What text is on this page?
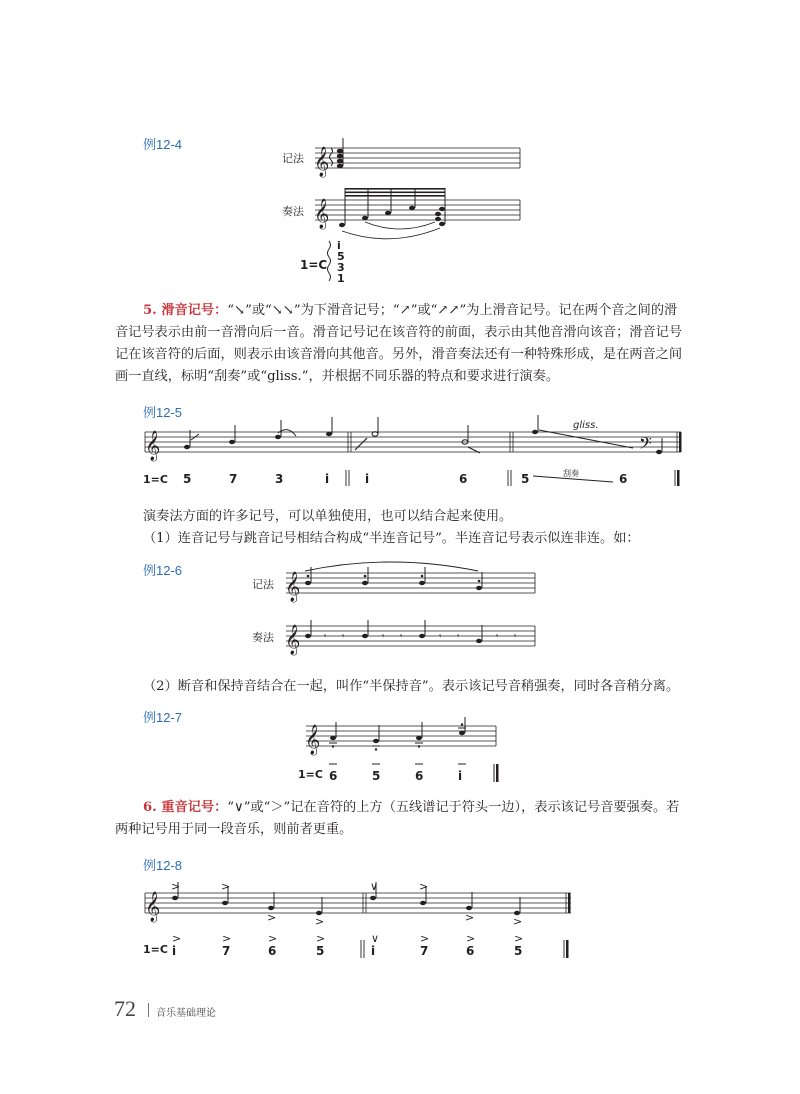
例12-4
记法 𝄞
奏法 𝄞
1=C
i
5
3
1

5. 滑音记号：“↘”或“↘↘”为下滑音记号；“↗”或“↗↗”为上滑音记号。记在两个音之间的滑音记号表示由前一音滑向后一音。滑音记号记在该音符的前面，表示由其他音滑向该音；滑音记号记在该音符的后面，则表示由该音滑向其他音。另外，滑音奏法还有一种特殊形成，是在两音之间画一直线，标明“刮奏”或“gliss.”，并根据不同乐器的特点和要求进行演奏。

例12-5
𝄞
gliss.
𝄢
1=C 5	7	3	i	i	6	5	6
刮奏
演奏法方面的许多记号，可以单独使用，也可以结合起来使用。
（1）连音记号与跳音记号相结合构成“半连音记号”。半连音记号表示似连非连。如：
例12-6
记法 𝄞
奏法 𝄞	𝄾 𝄾	𝄾 𝄾	𝄾 𝄾	𝄾 𝄾
（2）断音和保持音结合在一起，叫作“半保持音”。表示该记号音稍强奏，同时各音稍分离。
例12-7
𝄞
1=C 6	5	6	i

6. 重音记号：“∨”或“＞”记在音符的上方（五线谱记于符头一边），表示该记号音要强奏。若两种记号用于同一段音乐，则前者更重。

例12-8
𝄞
>	>
>	>
∨	>
>	>
1=C
>	>	>	>	∨	>	>	>
i	7	6	5	i	7	6	5
72 音乐基础理论
